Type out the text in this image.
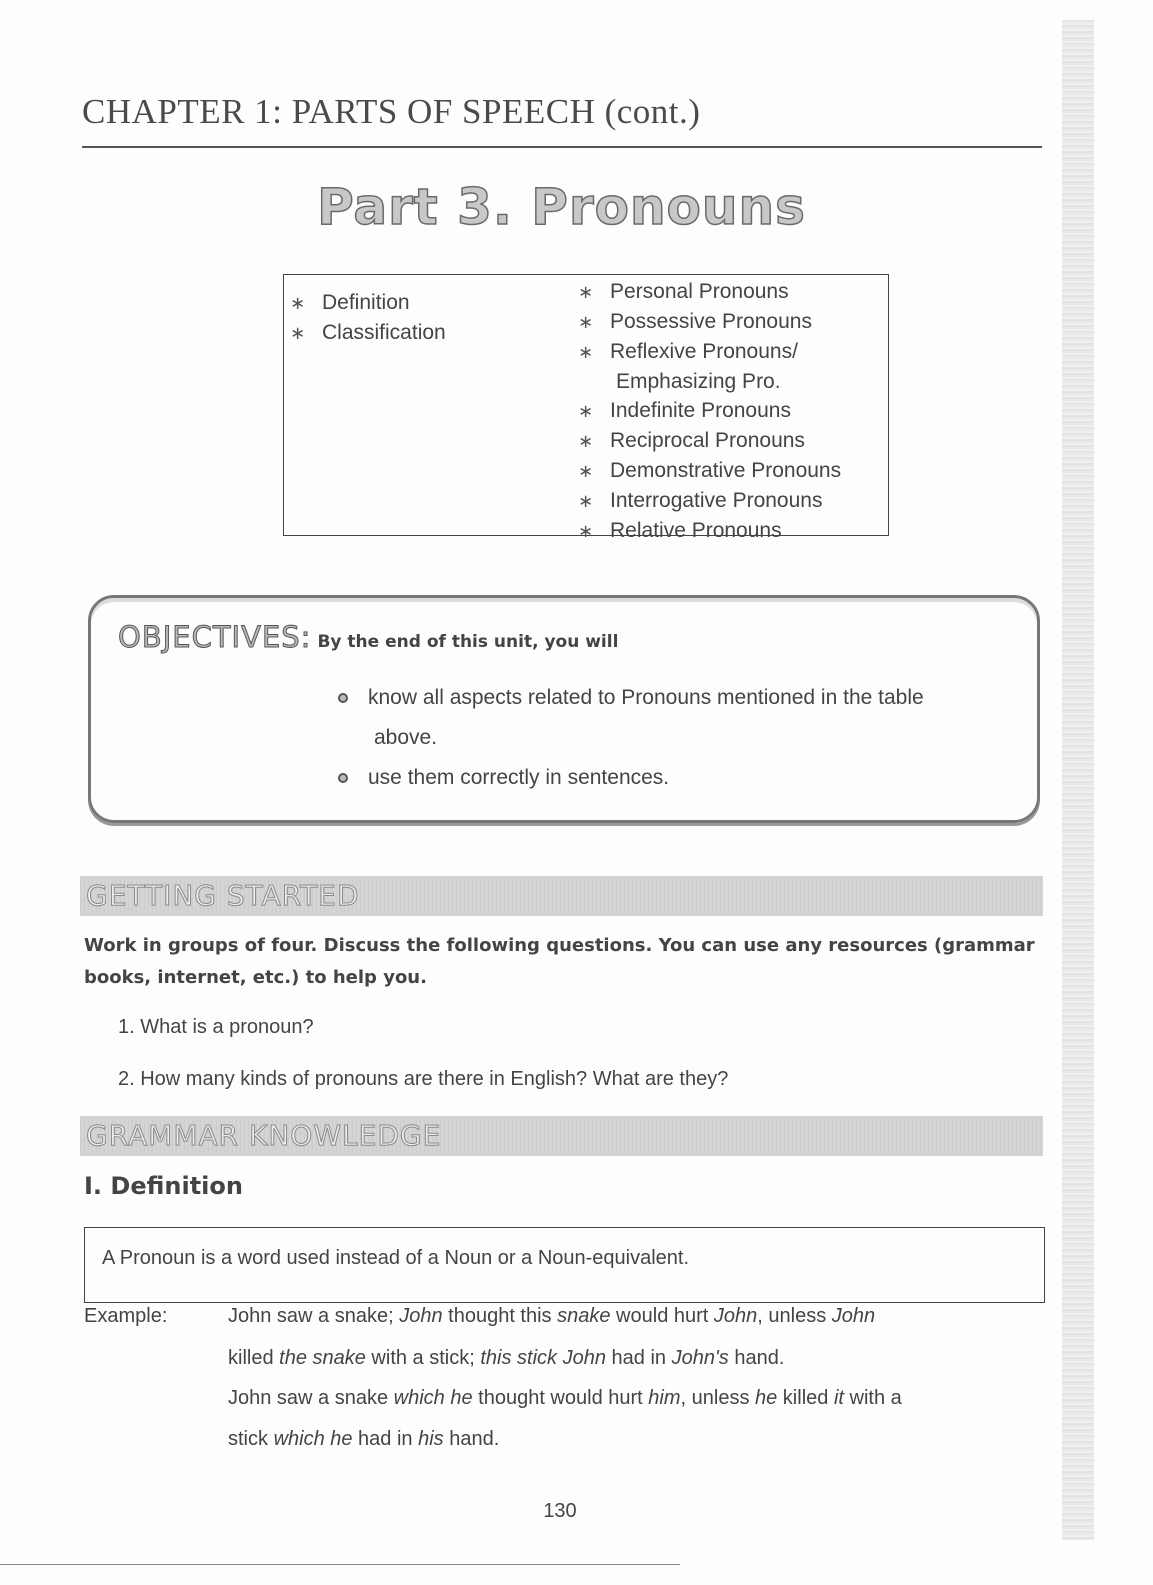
CHAPTER 1: PARTS OF SPEECH (cont.)
Part 3. Pronouns
∗ Definition
∗ Classification
∗ Personal Pronouns
∗ Possessive Pronouns
∗ Reflexive Pronouns/
Emphasizing Pro.
∗ Indefinite Pronouns
∗ Reciprocal Pronouns
∗ Demonstrative Pronouns
∗ Interrogative Pronouns
∗ Relative Pronouns
OBJECTIVES: By the end of this unit, you will
know all aspects related to Pronouns mentioned in the table
above.
use them correctly in sentences.
GETTING STARTED
Work in groups of four. Discuss the following questions. You can use any resources (grammar books, internet, etc.) to help you.
1. What is a pronoun?
2. How many kinds of pronouns are there in English? What are they?
GRAMMAR KNOWLEDGE
I. Definition
A Pronoun is a word used instead of a Noun or a Noun-equivalent.
Example:	John saw a snake; John thought this snake would hurt John, unless John
killed the snake with a stick; this stick John had in John's hand.
John saw a snake which he thought would hurt him, unless he killed it with a
stick which he had in his hand.
130
